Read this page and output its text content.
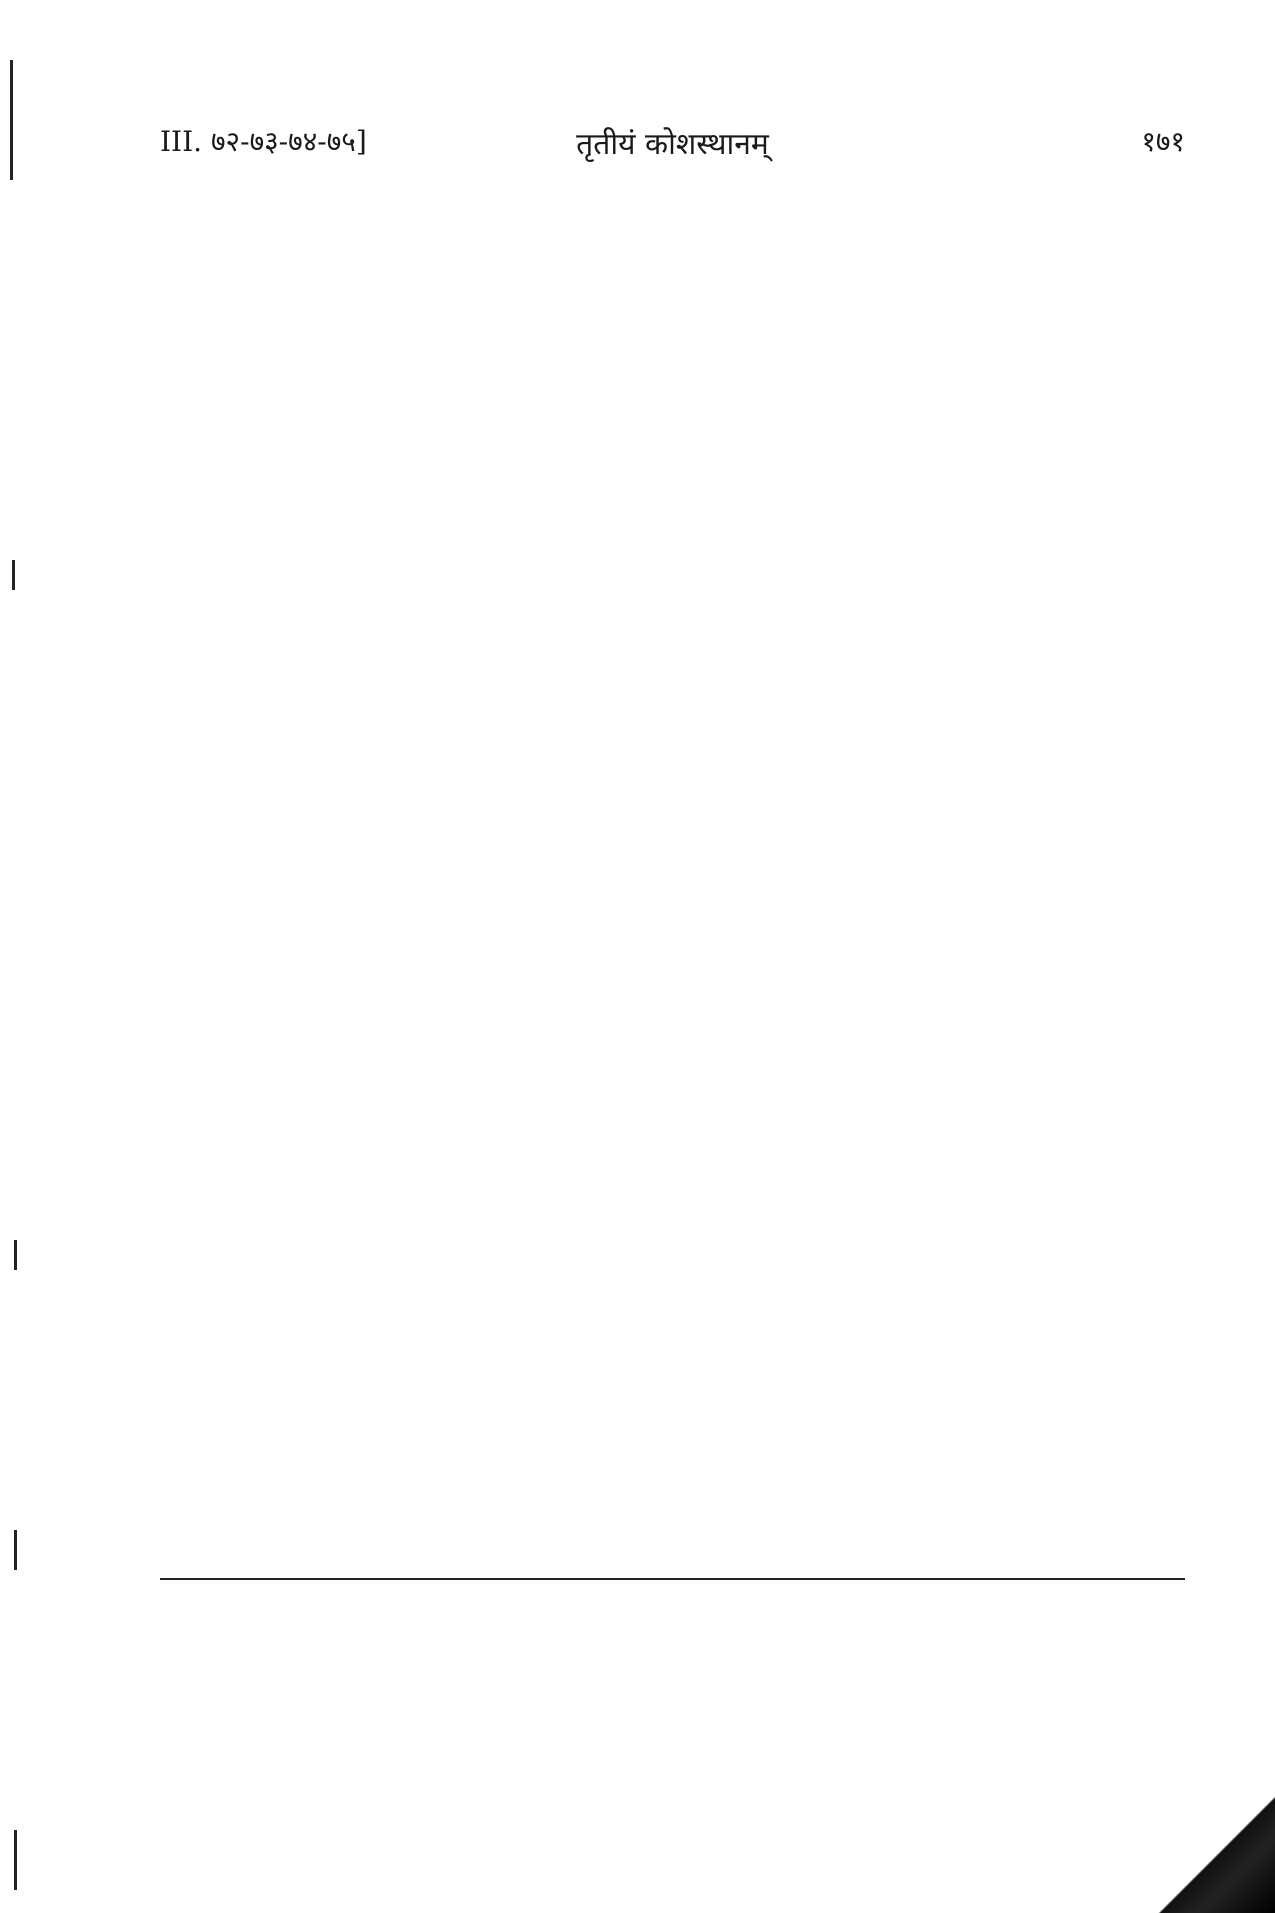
III. ७२-७३-७४-७५]	तृतीयं कोशस्थानम्	१७१
